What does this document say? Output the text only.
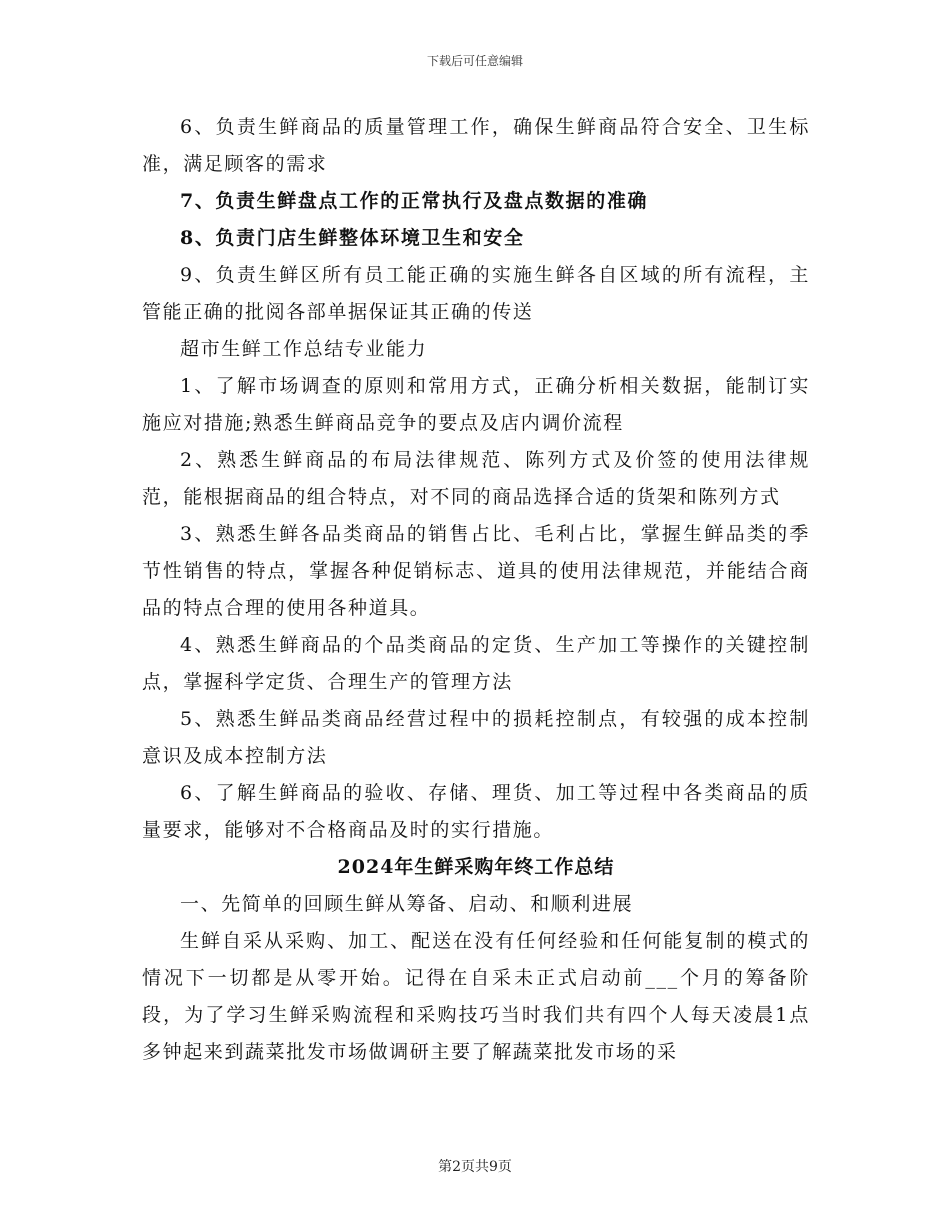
下载后可任意编辑

6、负责生鲜商品的质量管理工作，确保生鲜商品符合安全、卫生标准，满足顾客的需求

7、负责生鲜盘点工作的正常执行及盘点数据的准确

8、负责门店生鲜整体环境卫生和安全

9、负责生鲜区所有员工能正确的实施生鲜各自区域的所有流程，主管能正确的批阅各部单据保证其正确的传送

超市生鲜工作总结专业能力

1、了解市场调查的原则和常用方式，正确分析相关数据，能制订实施应对措施;熟悉生鲜商品竞争的要点及店内调价流程

2、熟悉生鲜商品的布局法律规范、陈列方式及价签的使用法律规范，能根据商品的组合特点，对不同的商品选择合适的货架和陈列方式

3、熟悉生鲜各品类商品的销售占比、毛利占比，掌握生鲜品类的季节性销售的特点，掌握各种促销标志、道具的使用法律规范，并能结合商品的特点合理的使用各种道具。

4、熟悉生鲜商品的个品类商品的定货、生产加工等操作的关键控制点，掌握科学定货、合理生产的管理方法

5、熟悉生鲜品类商品经营过程中的损耗控制点，有较强的成本控制意识及成本控制方法

6、了解生鲜商品的验收、存储、理货、加工等过程中各类商品的质量要求，能够对不合格商品及时的实行措施。

2024年生鲜采购年终工作总结

一、先简单的回顾生鲜从筹备、启动、和顺利进展

生鲜自采从采购、加工、配送在没有任何经验和任何能复制的模式的情况下一切都是从零开始。记得在自采未正式启动前___个月的筹备阶段，为了学习生鲜采购流程和采购技巧当时我们共有四个人每天凌晨1点多钟起来到蔬菜批发市场做调研主要了解蔬菜批发市场的采

第2页共9页
